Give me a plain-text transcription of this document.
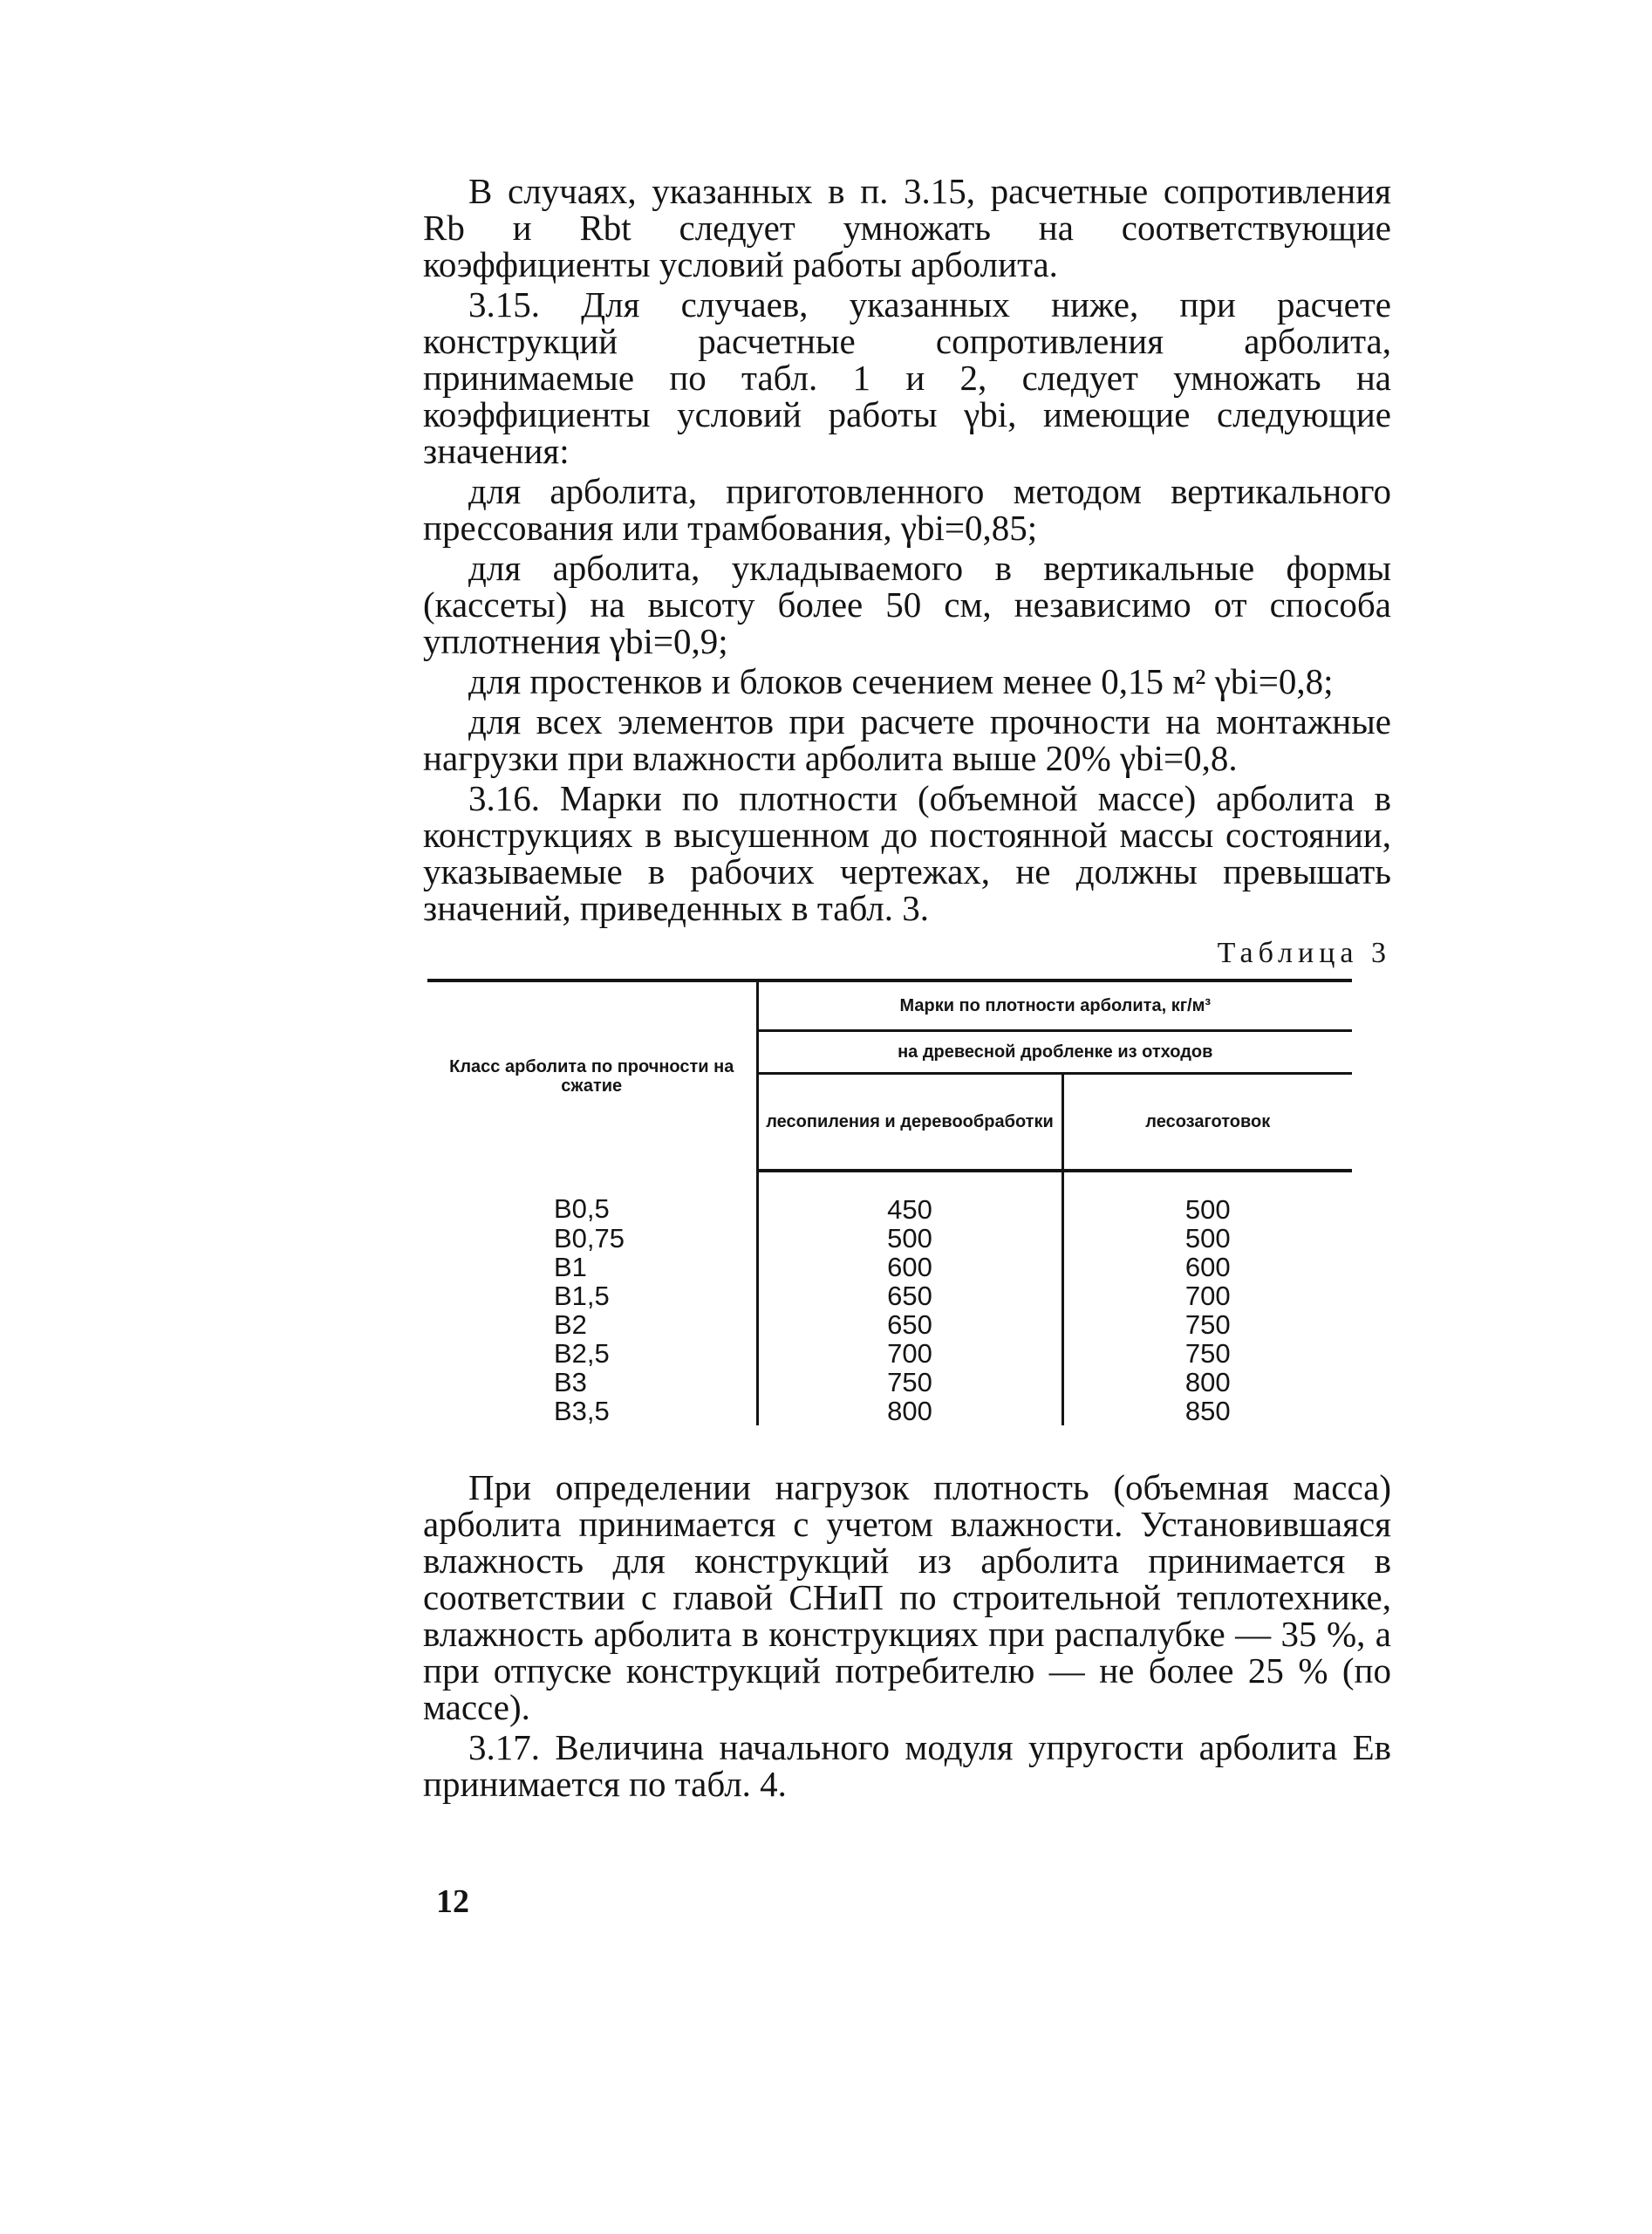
В случаях, указанных в п. 3.15, расчетные сопротивления Rb и Rbt следует умножать на соответствующие коэффициенты условий работы арболита.

3.15. Для случаев, указанных ниже, при расчете конструкций расчетные сопротивления арболита, принимаемые по табл. 1 и 2, следует умножать на коэффициенты условий работы γbi, имеющие следующие значения:

для арболита, приготовленного методом вертикального прессования или трамбования, γbi=0,85;

для арболита, укладываемого в вертикальные формы (кассеты) на высоту более 50 см, независимо от способа уплотнения γbi=0,9;

для простенков и блоков сечением менее 0,15 м² γbi=0,8;

для всех элементов при расчете прочности на монтажные нагрузки при влажности арболита выше 20% γbi=0,8.

3.16. Марки по плотности (объемной массе) арболита в конструкциях в высушенном до постоянной массы состоянии, указываемые в рабочих чертежах, не должны превышать значений, приведенных в табл. 3.

Таблица 3
Класс арболита по прочности на сжатие	Марки по плотности арболита, кг/м³	
	на древесной дробленке из отходов	
	лесопиления и деревообработки	лесозаготовок
B0,5	450	500
B0,75	500	500
B1	600	600
B1,5	650	700
B2	650	750
B2,5	700	750
B3	750	800
B3,5	800	850

При определении нагрузок плотность (объемная масса) арболита принимается с учетом влажности. Установившаяся влажность для конструкций из арболита принимается в соответствии с главой СНиП по строительной теплотехнике, влажность арболита в конструкциях при распалубке — 35 %, а при отпуске конструкций потребителю — не более 25 % (по массе).

3.17. Величина начального модуля упругости арболита Eв принимается по табл. 4.

12
